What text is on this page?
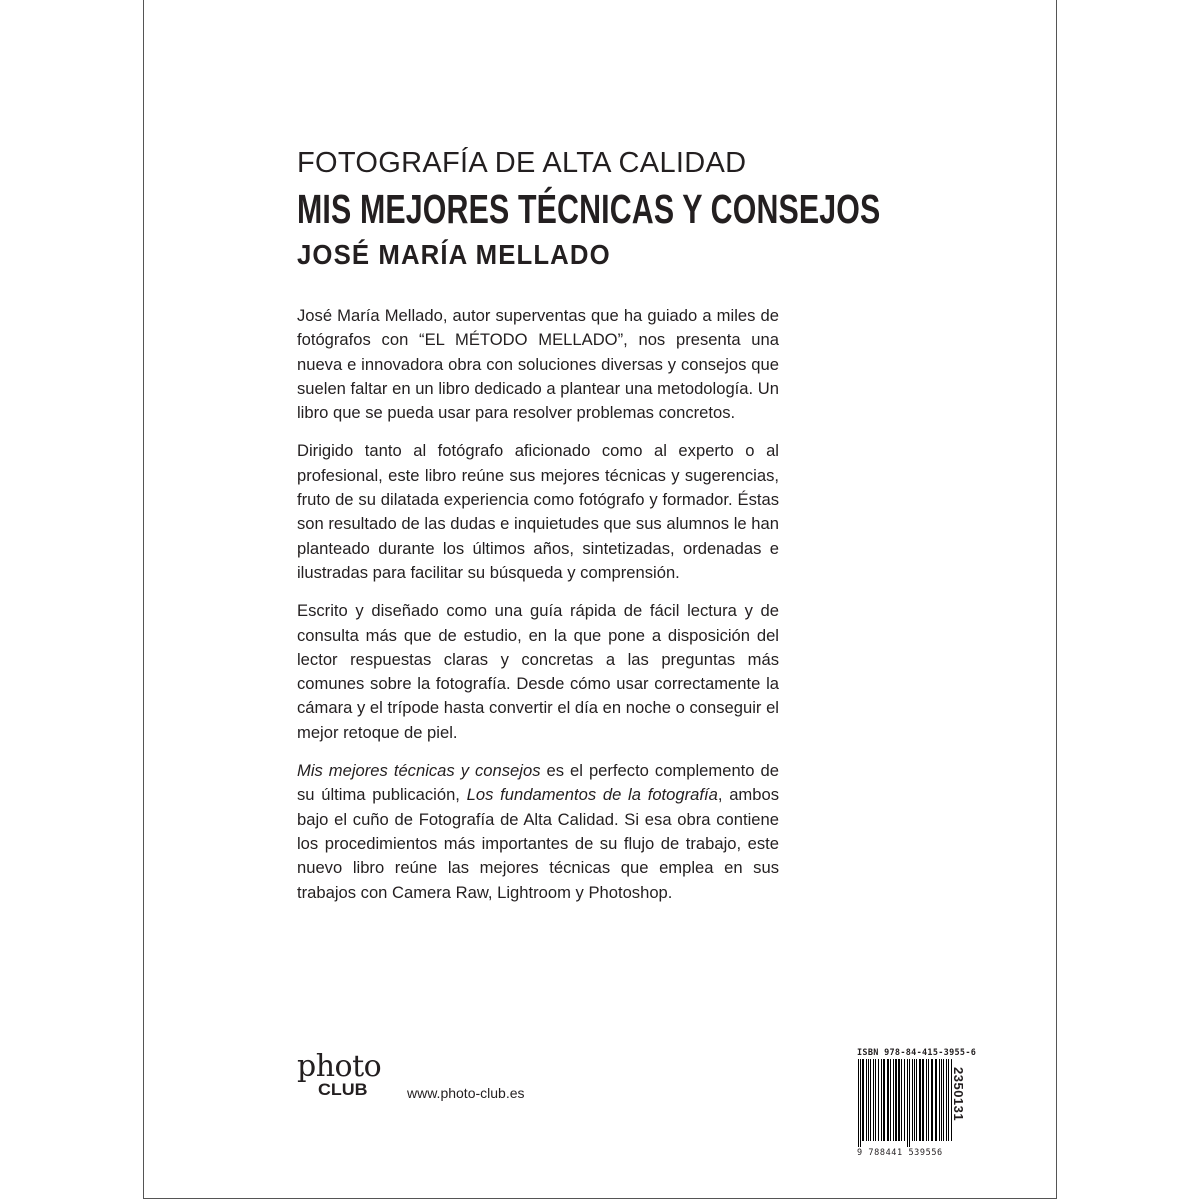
FOTOGRAFÍA DE ALTA CALIDAD
MIS MEJORES TÉCNICAS Y CONSEJOS
JOSÉ MARÍA MELLADO

José María Mellado, autor superventas que ha guiado a miles de fotógrafos con “EL MÉTODO MELLADO”, nos presenta una nueva e innovadora obra con soluciones diversas y consejos que suelen faltar en un libro dedicado a plantear una metodología. Un libro que se pueda usar para resolver problemas concretos.

Dirigido tanto al fotógrafo aficionado como al experto o al profesional, este libro reúne sus mejores técnicas y sugerencias, fruto de su dilatada experiencia como fotógrafo y formador. Éstas son resultado de las dudas e inquietudes que sus alumnos le han planteado durante los últimos años, sintetizadas, ordenadas e ilustradas para facilitar su búsqueda y comprensión.

Escrito y diseñado como una guía rápida de fácil lectura y de consulta más que de estudio, en la que pone a disposición del lector respuestas claras y concretas a las preguntas más comunes sobre la fotografía. Desde cómo usar correctamente la cámara y el trípode hasta convertir el día en noche o conseguir el mejor retoque de piel.

Mis mejores técnicas y consejos es el perfecto complemento de su última publicación, Los fundamentos de la fotografía, ambos bajo el cuño de Fotografía de Alta Calidad. Si esa obra contiene los procedimientos más importantes de su flujo de trabajo, este nuevo libro reúne las mejores técnicas que emplea en sus trabajos con Camera Raw, Lightroom y Photoshop.

photo
CLUB	www.photo-club.es
ISBN 978-84-415-3955-6
9 788441 539556
2350131
